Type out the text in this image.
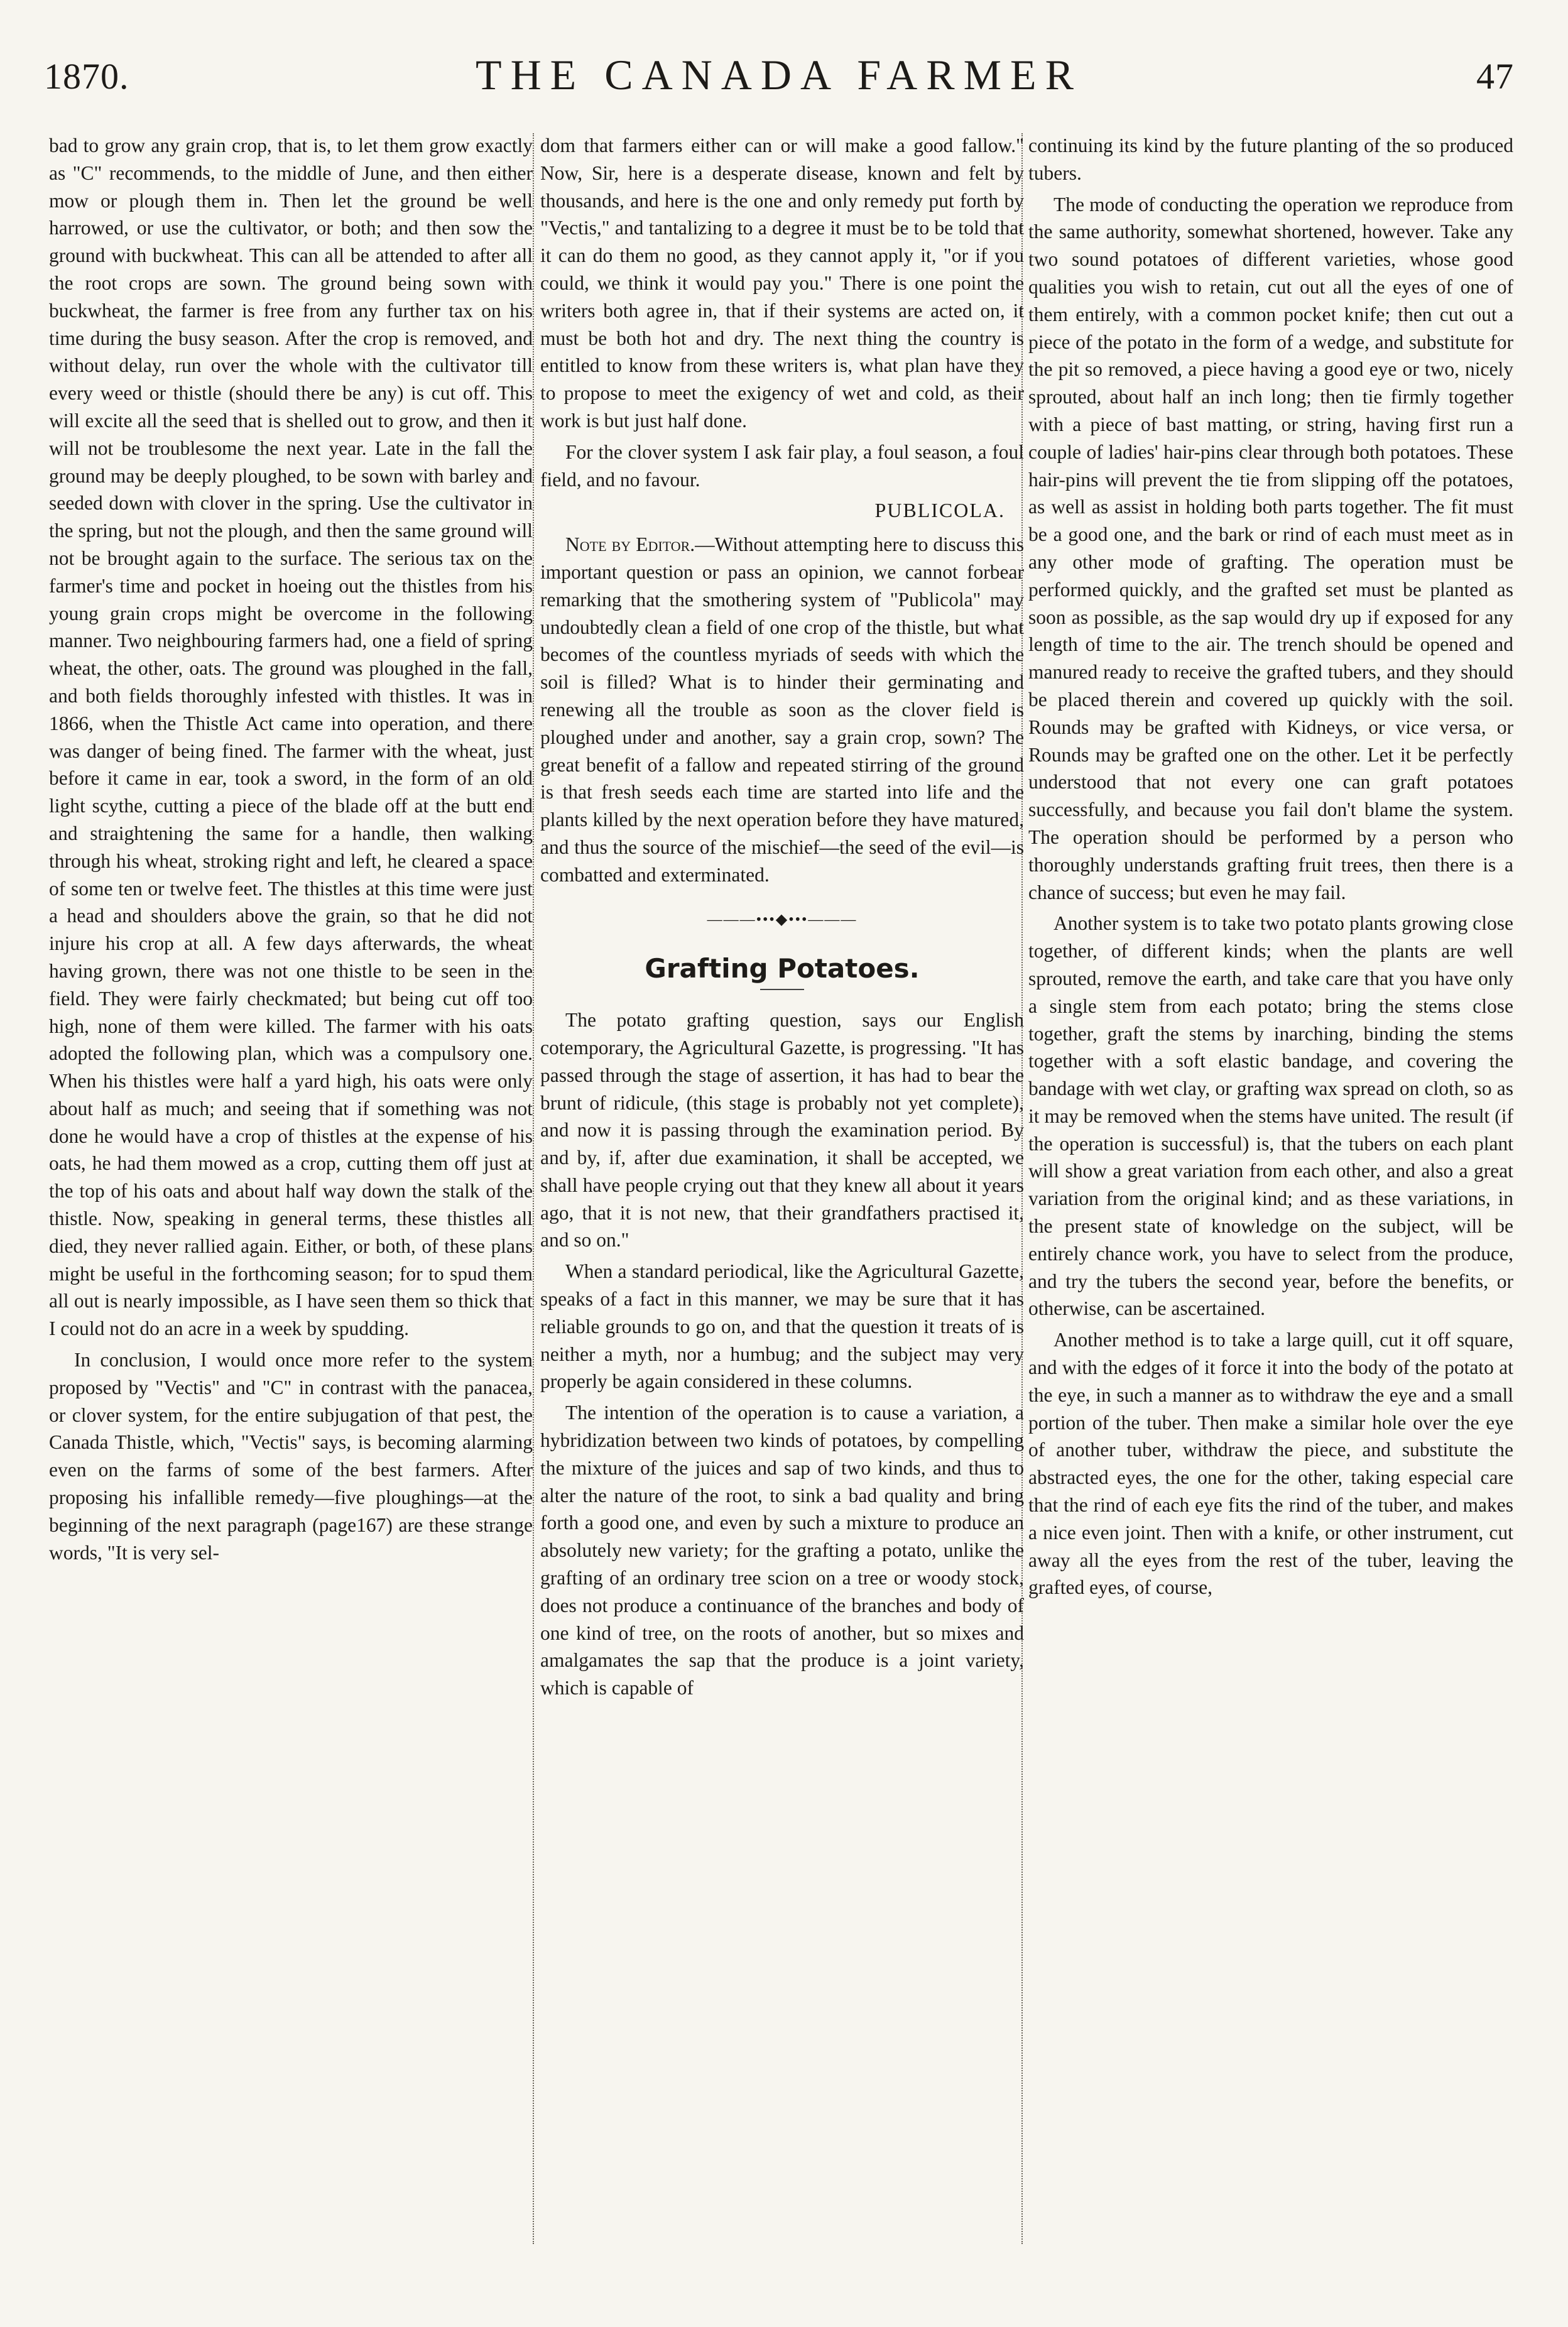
1870.	THE CANADA FARMER	47

bad to grow any grain crop, that is, to let them grow exactly as "C" recommends, to the middle of June, and then either mow or plough them in. Then let the ground be well harrowed, or use the cultivator, or both; and then sow the ground with buckwheat. This can all be attended to after all the root crops are sown. The ground being sown with buckwheat, the farmer is free from any further tax on his time during the busy season. After the crop is removed, and without delay, run over the whole with the cultivator till every weed or thistle (should there be any) is cut off. This will excite all the seed that is shelled out to grow, and then it will not be troublesome the next year. Late in the fall the ground may be deeply ploughed, to be sown with barley and seeded down with clover in the spring. Use the cultivator in the spring, but not the plough, and then the same ground will not be brought again to the surface. The serious tax on the farmer's time and pocket in hoeing out the thistles from his young grain crops might be overcome in the following manner. Two neighbouring farmers had, one a field of spring wheat, the other, oats. The ground was ploughed in the fall, and both fields thoroughly infested with thistles. It was in 1866, when the Thistle Act came into operation, and there was danger of being fined. The farmer with the wheat, just before it came in ear, took a sword, in the form of an old light scythe, cutting a piece of the blade off at the butt end and straightening the same for a handle, then walking through his wheat, stroking right and left, he cleared a space of some ten or twelve feet. The thistles at this time were just a head and shoulders above the grain, so that he did not injure his crop at all. A few days afterwards, the wheat having grown, there was not one thistle to be seen in the field. They were fairly checkmated; but being cut off too high, none of them were killed. The farmer with his oats adopted the following plan, which was a compulsory one. When his thistles were half a yard high, his oats were only about half as much; and seeing that if something was not done he would have a crop of thistles at the expense of his oats, he had them mowed as a crop, cutting them off just at the top of his oats and about half way down the stalk of the thistle. Now, speaking in general terms, these thistles all died, they never rallied again. Either, or both, of these plans might be useful in the forthcoming season; for to spud them all out is nearly impossible, as I have seen them so thick that I could not do an acre in a week by spudding.

In conclusion, I would once more refer to the system proposed by "Vectis" and "C" in contrast with the panacea, or clover system, for the entire subjugation of that pest, the Canada Thistle, which, "Vectis" says, is becoming alarming even on the farms of some of the best farmers. After proposing his infallible remedy—five ploughings—at the beginning of the next paragraph (page167) are these strange words, "It is very sel-

dom that farmers either can or will make a good fallow." Now, Sir, here is a desperate disease, known and felt by thousands, and here is the one and only remedy put forth by "Vectis," and tantalizing to a degree it must be to be told that it can do them no good, as they cannot apply it, "or if you could, we think it would pay you." There is one point the writers both agree in, that if their systems are acted on, it must be both hot and dry. The next thing the country is entitled to know from these writers is, what plan have they to propose to meet the exigency of wet and cold, as their work is but just half done.

For the clover system I ask fair play, a foul season, a foul field, and no favour.

PUBLICOLA.

Note by Editor.—Without attempting here to discuss this important question or pass an opinion, we cannot forbear remarking that the smothering system of "Publicola" may undoubtedly clean a field of one crop of the thistle, but what becomes of the countless myriads of seeds with which the soil is filled? What is to hinder their germinating and renewing all the trouble as soon as the clover field is ploughed under and another, say a grain crop, sown? The great benefit of a fallow and repeated stirring of the ground is that fresh seeds each time are started into life and the plants killed by the next operation before they have matured, and thus the source of the mischief—the seed of the evil—is combatted and exterminated.

———•••◆•••———
Grafting Potatoes.

The potato grafting question, says our English cotemporary, the Agricultural Gazette, is progressing. "It has passed through the stage of assertion, it has had to bear the brunt of ridicule, (this stage is probably not yet complete), and now it is passing through the examination period. By and by, if, after due examination, it shall be accepted, we shall have people crying out that they knew all about it years ago, that it is not new, that their grandfathers practised it, and so on."

When a standard periodical, like the Agricultural Gazette, speaks of a fact in this manner, we may be sure that it has reliable grounds to go on, and that the question it treats of is neither a myth, nor a humbug; and the subject may very properly be again considered in these columns.

The intention of the operation is to cause a variation, a hybridization between two kinds of potatoes, by compelling the mixture of the juices and sap of two kinds, and thus to alter the nature of the root, to sink a bad quality and bring forth a good one, and even by such a mixture to produce an absolutely new variety; for the grafting a potato, unlike the grafting of an ordinary tree scion on a tree or woody stock, does not produce a continuance of the branches and body of one kind of tree, on the roots of another, but so mixes and amalgamates the sap that the produce is a joint variety, which is capable of

continuing its kind by the future planting of the so produced tubers.

The mode of conducting the operation we reproduce from the same authority, somewhat shortened, however. Take any two sound potatoes of different varieties, whose good qualities you wish to retain, cut out all the eyes of one of them entirely, with a common pocket knife; then cut out a piece of the potato in the form of a wedge, and substitute for the pit so removed, a piece having a good eye or two, nicely sprouted, about half an inch long; then tie firmly together with a piece of bast matting, or string, having first run a couple of ladies' hair-pins clear through both potatoes. These hair-pins will prevent the tie from slipping off the potatoes, as well as assist in holding both parts together. The fit must be a good one, and the bark or rind of each must meet as in any other mode of grafting. The operation must be performed quickly, and the grafted set must be planted as soon as possible, as the sap would dry up if exposed for any length of time to the air. The trench should be opened and manured ready to receive the grafted tubers, and they should be placed therein and covered up quickly with the soil. Rounds may be grafted with Kidneys, or vice versa, or Rounds may be grafted one on the other. Let it be perfectly understood that not every one can graft potatoes successfully, and because you fail don't blame the system. The operation should be performed by a person who thoroughly understands grafting fruit trees, then there is a chance of success; but even he may fail.

Another system is to take two potato plants growing close together, of different kinds; when the plants are well sprouted, remove the earth, and take care that you have only a single stem from each potato; bring the stems close together, graft the stems by inarching, binding the stems together with a soft elastic bandage, and covering the bandage with wet clay, or grafting wax spread on cloth, so as it may be removed when the stems have united. The result (if the operation is successful) is, that the tubers on each plant will show a great variation from each other, and also a great variation from the original kind; and as these variations, in the present state of knowledge on the subject, will be entirely chance work, you have to select from the produce, and try the tubers the second year, before the benefits, or otherwise, can be ascertained.

Another method is to take a large quill, cut it off square, and with the edges of it force it into the body of the potato at the eye, in such a manner as to withdraw the eye and a small portion of the tuber. Then make a similar hole over the eye of another tuber, withdraw the piece, and substitute the abstracted eyes, the one for the other, taking especial care that the rind of each eye fits the rind of the tuber, and makes a nice even joint. Then with a knife, or other instrument, cut away all the eyes from the rest of the tuber, leaving the grafted eyes, of course,
